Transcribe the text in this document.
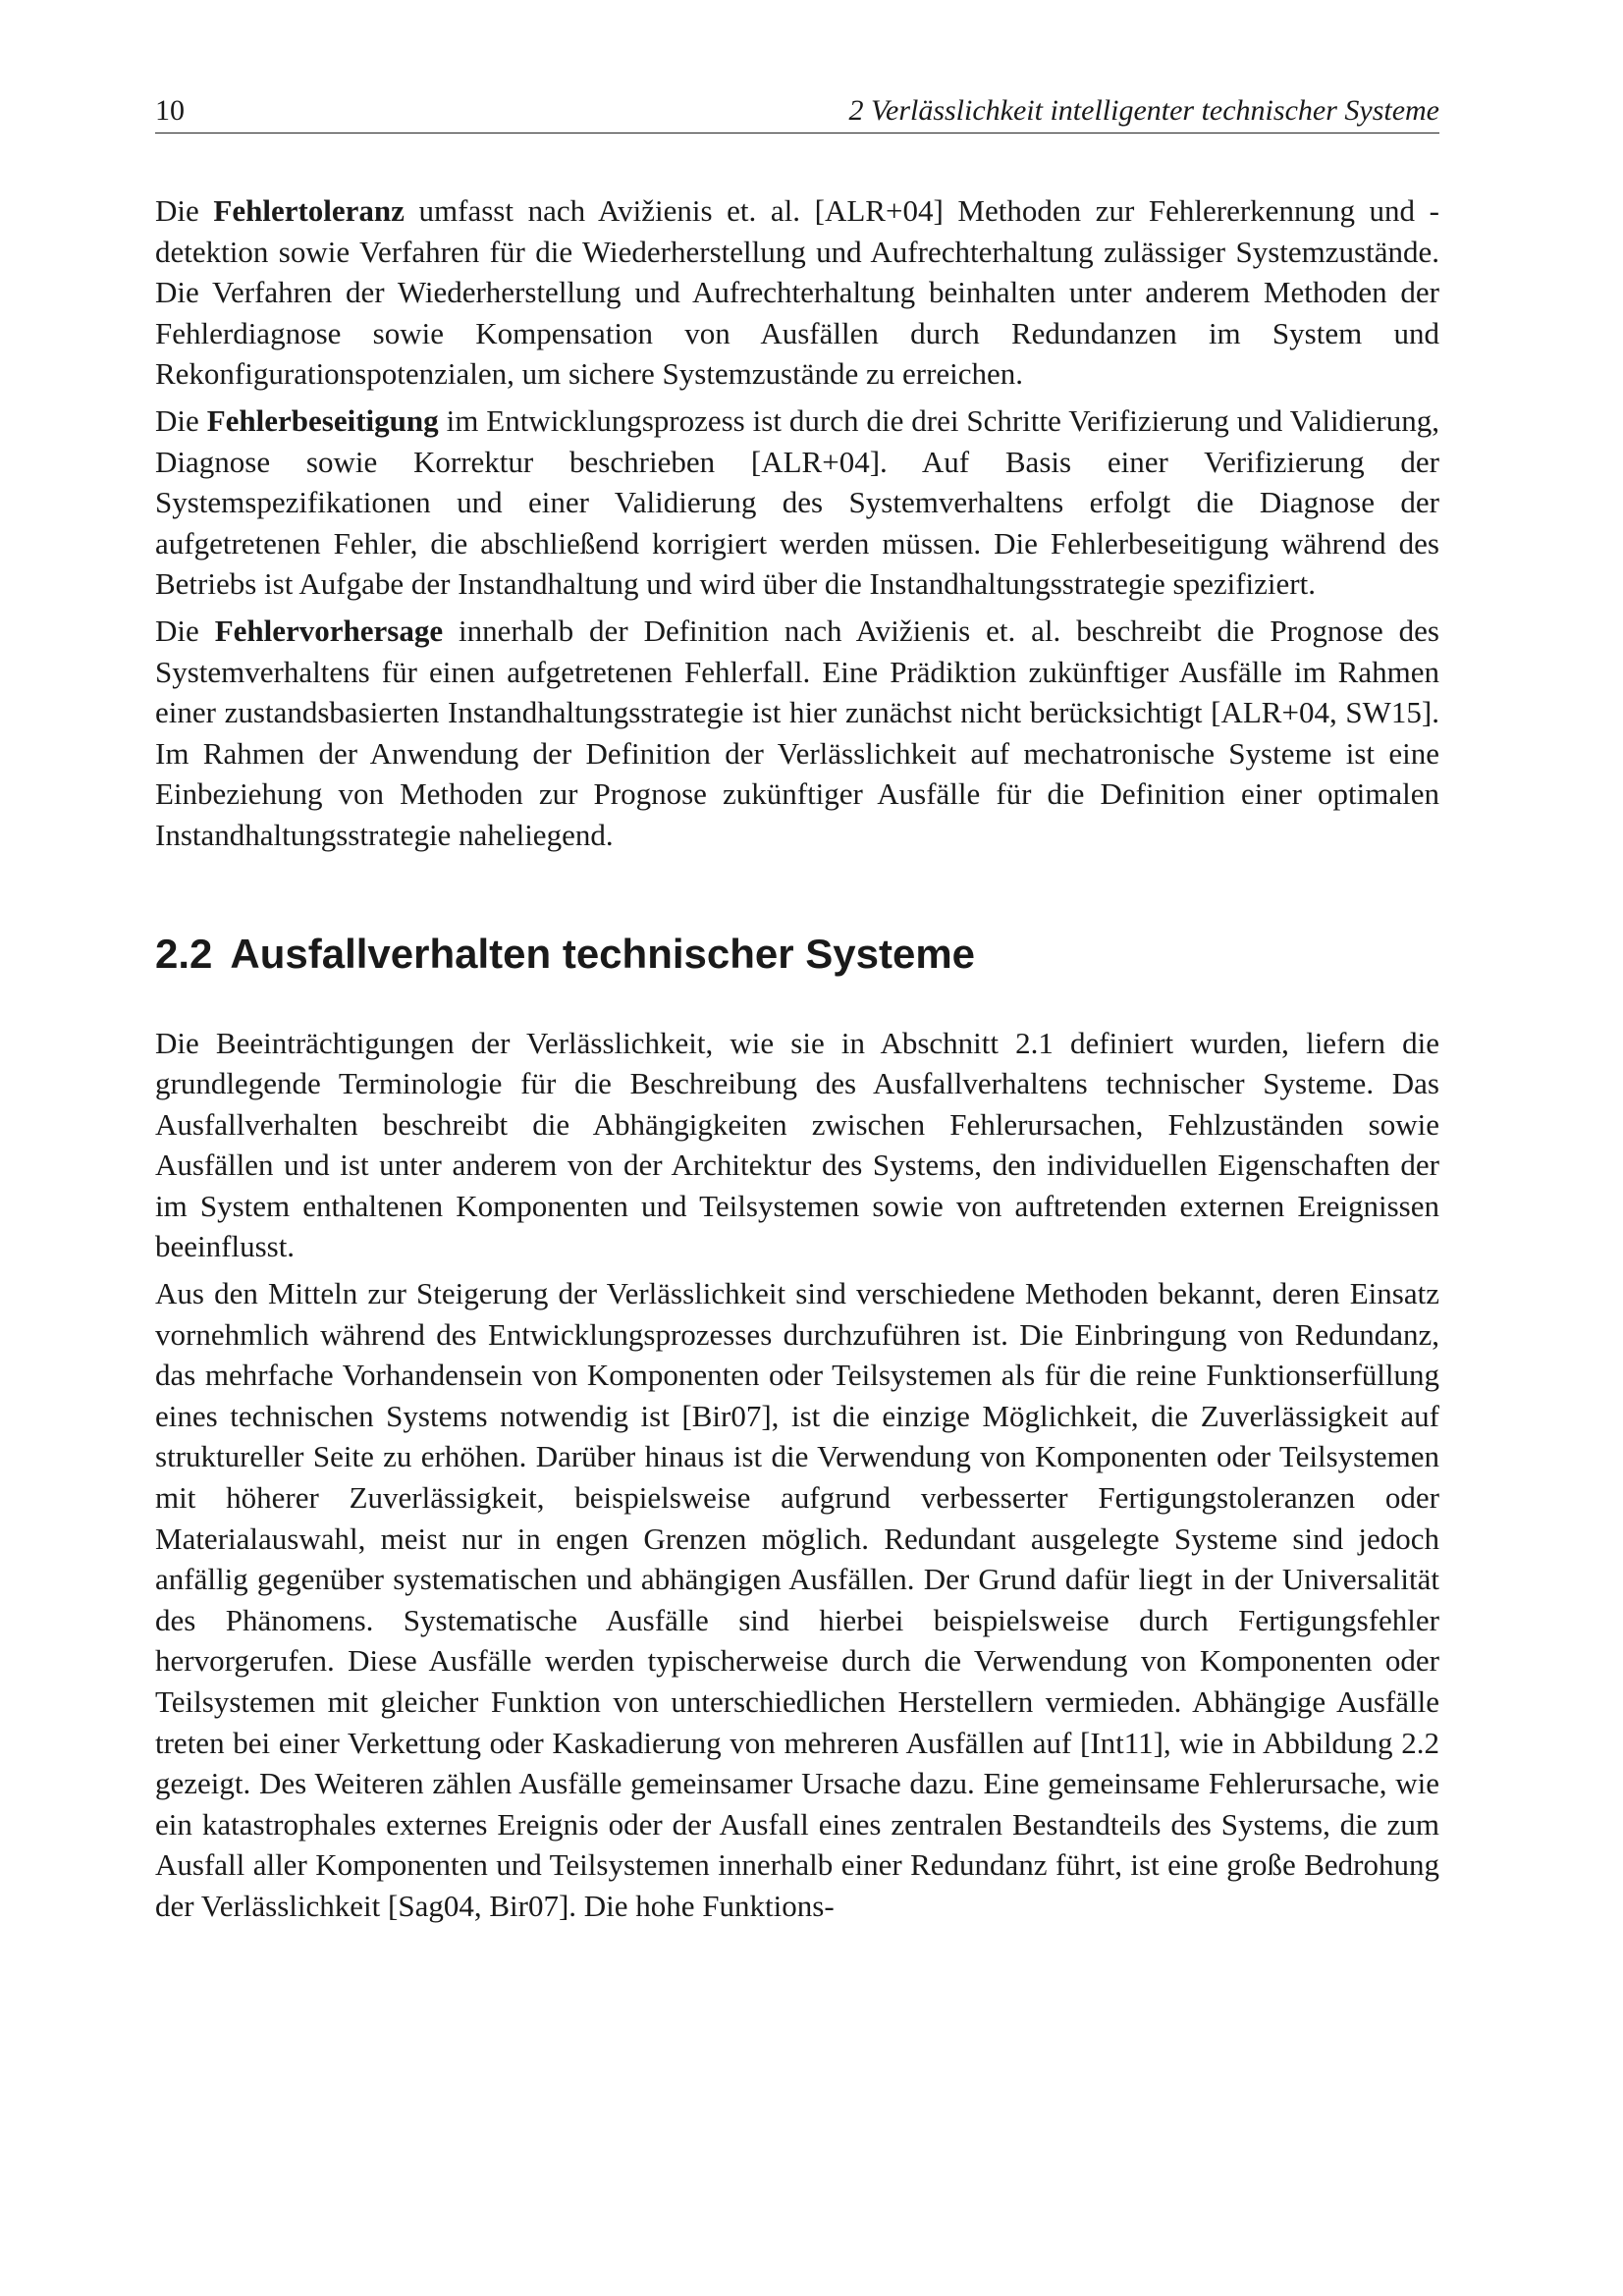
10	2 Verlässlichkeit intelligenter technischer Systeme

Die Fehlertoleranz umfasst nach Avižienis et. al. [ALR+04] Methoden zur Fehlererkennung und -detektion sowie Verfahren für die Wiederherstellung und Aufrechterhaltung zulässiger Systemzustände. Die Verfahren der Wiederherstellung und Aufrechterhaltung beinhalten unter anderem Methoden der Fehlerdiagnose sowie Kompensation von Ausfällen durch Redundanzen im System und Rekonfigurationspotenzialen, um sichere Systemzustände zu erreichen.

Die Fehlerbeseitigung im Entwicklungsprozess ist durch die drei Schritte Verifizierung und Validierung, Diagnose sowie Korrektur beschrieben [ALR+04]. Auf Basis einer Verifizierung der Systemspezifikationen und einer Validierung des Systemverhaltens erfolgt die Diagnose der aufgetretenen Fehler, die abschließend korrigiert werden müssen. Die Fehlerbeseitigung während des Betriebs ist Aufgabe der Instandhaltung und wird über die Instandhaltungsstrategie spezifiziert.

Die Fehlervorhersage innerhalb der Definition nach Avižienis et. al. beschreibt die Prognose des Systemverhaltens für einen aufgetretenen Fehlerfall. Eine Prädiktion zukünftiger Ausfälle im Rahmen einer zustandsbasierten Instandhaltungsstrategie ist hier zunächst nicht berücksichtigt [ALR+04, SW15]. Im Rahmen der Anwendung der Definition der Verlässlichkeit auf mechatronische Systeme ist eine Einbeziehung von Methoden zur Prognose zukünftiger Ausfälle für die Definition einer optimalen Instandhaltungsstrategie naheliegend.

2.2 Ausfallverhalten technischer Systeme

Die Beeinträchtigungen der Verlässlichkeit, wie sie in Abschnitt 2.1 definiert wurden, liefern die grundlegende Terminologie für die Beschreibung des Ausfallverhaltens technischer Systeme. Das Ausfallverhalten beschreibt die Abhängigkeiten zwischen Fehlerursachen, Fehlzuständen sowie Ausfällen und ist unter anderem von der Architektur des Systems, den individuellen Eigenschaften der im System enthaltenen Komponenten und Teilsystemen sowie von auftretenden externen Ereignissen beeinflusst.

Aus den Mitteln zur Steigerung der Verlässlichkeit sind verschiedene Methoden bekannt, deren Einsatz vornehmlich während des Entwicklungsprozesses durchzuführen ist. Die Einbringung von Redundanz, das mehrfache Vorhandensein von Komponenten oder Teilsystemen als für die reine Funktionserfüllung eines technischen Systems notwendig ist [Bir07], ist die einzige Möglichkeit, die Zuverlässigkeit auf struktureller Seite zu erhöhen. Darüber hinaus ist die Verwendung von Komponenten oder Teilsystemen mit höherer Zuverlässigkeit, beispielsweise aufgrund verbesserter Fertigungstoleranzen oder Materialauswahl, meist nur in engen Grenzen möglich. Redundant ausgelegte Systeme sind jedoch anfällig gegenüber systematischen und abhängigen Ausfällen. Der Grund dafür liegt in der Universalität des Phänomens. Systematische Ausfälle sind hierbei beispielsweise durch Fertigungsfehler hervorgerufen. Diese Ausfälle werden typischerweise durch die Verwendung von Komponenten oder Teilsystemen mit gleicher Funktion von unterschiedlichen Herstellern vermieden. Abhängige Ausfälle treten bei einer Verkettung oder Kaskadierung von mehreren Ausfällen auf [Int11], wie in Abbildung 2.2 gezeigt. Des Weiteren zählen Ausfälle gemeinsamer Ursache dazu. Eine gemeinsame Fehlerursache, wie ein katastrophales externes Ereignis oder der Ausfall eines zentralen Bestandteils des Systems, die zum Ausfall aller Komponenten und Teilsystemen innerhalb einer Redundanz führt, ist eine große Bedrohung der Verlässlichkeit [Sag04, Bir07]. Die hohe Funktions-
